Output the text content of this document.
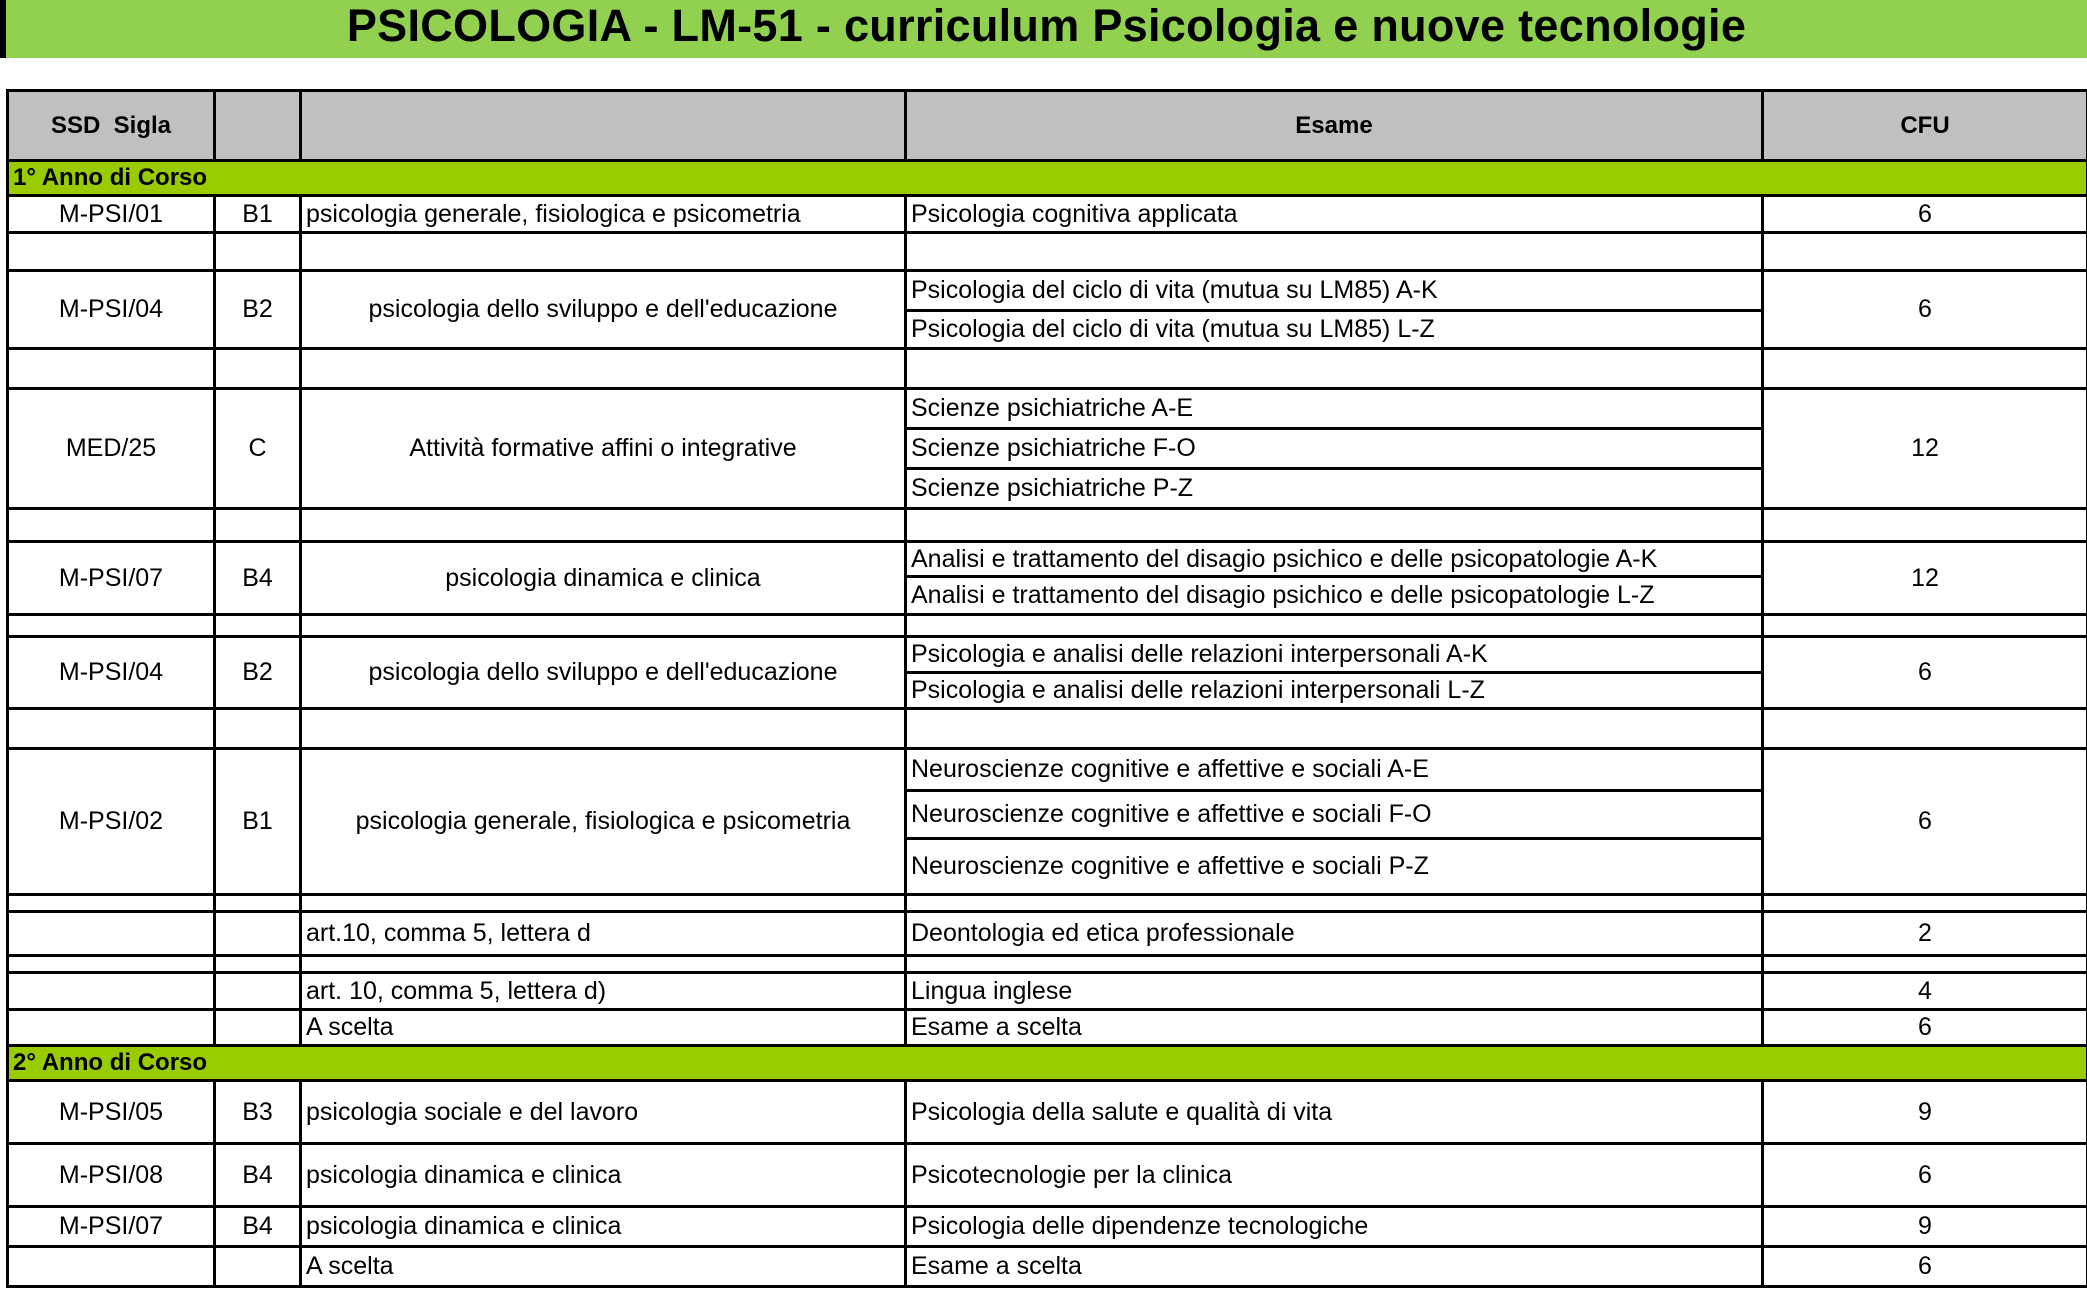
PSICOLOGIA - LM-51 - curriculum Psicologia e nuove tecnologie
SSD Sigla			Esame	CFU
1° Anno di Corso				
M-PSI/01	B1	psicologia generale, fisiologica e psicometria	Psicologia cognitiva applicata	6

M-PSI/04	B2	psicologia dello sviluppo e dell'educazione	Psicologia del ciclo di vita (mutua su LM85) A-K	6
			Psicologia del ciclo di vita (mutua su LM85) L-Z	

MED/25	C	Attività formative affini o integrative	Scienze psichiatriche A-E	12
			Scienze psichiatriche F-O	
			Scienze psichiatriche P-Z	

M-PSI/07	B4	psicologia dinamica e clinica	Analisi e trattamento del disagio psichico e delle psicopatologie A-K	12
			Analisi e trattamento del disagio psichico e delle psicopatologie L-Z	

M-PSI/04	B2	psicologia dello sviluppo e dell'educazione	Psicologia e analisi delle relazioni interpersonali A-K	6
			Psicologia e analisi delle relazioni interpersonali L-Z	

M-PSI/02	B1	psicologia generale, fisiologica e psicometria	Neuroscienze cognitive e affettive e sociali A-E	6
			Neuroscienze cognitive e affettive e sociali F-O	
			Neuroscienze cognitive e affettive e sociali P-Z	

		art.10, comma 5, lettera d	Deontologia ed etica professionale	2

		art. 10, comma 5, lettera d)	Lingua inglese	4
		A scelta	Esame a scelta	6
2° Anno di Corso				
M-PSI/05	B3	psicologia sociale e del lavoro	Psicologia della salute e qualità di vita	9
M-PSI/08	B4	psicologia dinamica e clinica	Psicotecnologie per la clinica	6
M-PSI/07	B4	psicologia dinamica e clinica	Psicologia delle dipendenze tecnologiche	9
		A scelta	Esame a scelta	6
